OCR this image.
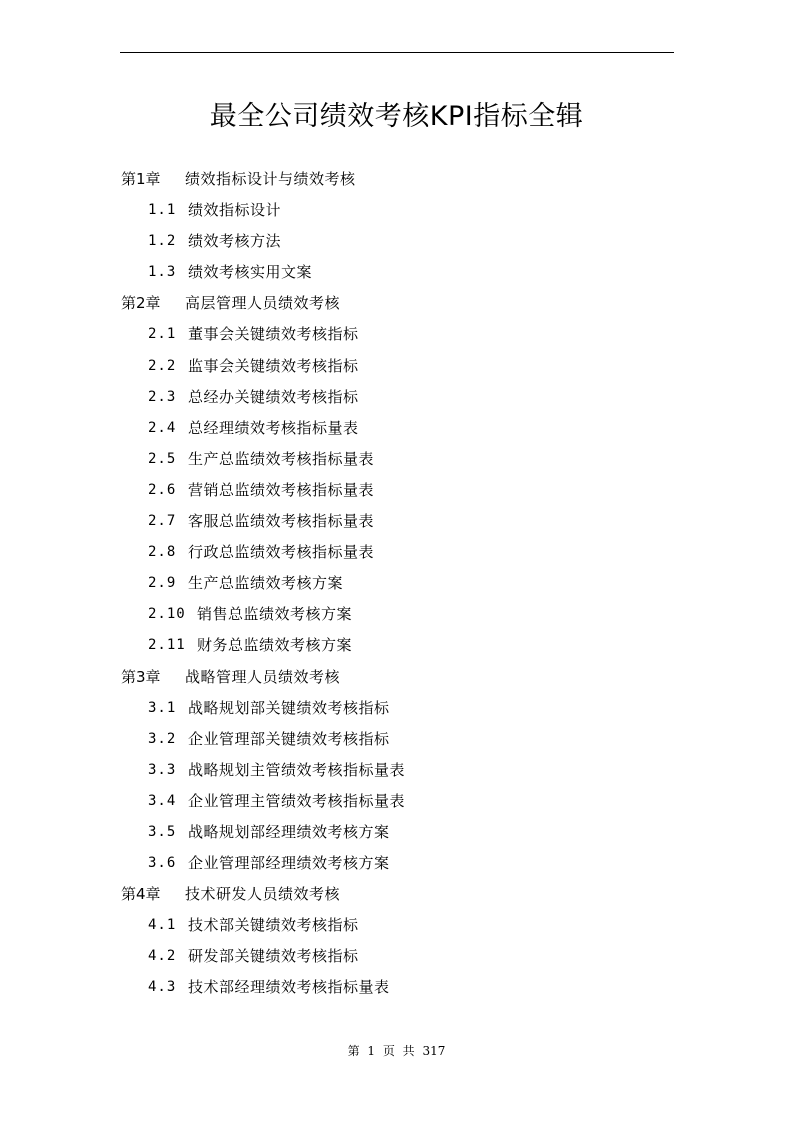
最全公司绩效考核KPI指标全辑
第1章	绩效指标设计与绩效考核
1.1 绩效指标设计
1.2 绩效考核方法
1.3 绩效考核实用文案
第2章	高层管理人员绩效考核
2.1 董事会关键绩效考核指标
2.2 监事会关键绩效考核指标
2.3 总经办关键绩效考核指标
2.4 总经理绩效考核指标量表
2.5 生产总监绩效考核指标量表
2.6 营销总监绩效考核指标量表
2.7 客服总监绩效考核指标量表
2.8 行政总监绩效考核指标量表
2.9 生产总监绩效考核方案
2.10 销售总监绩效考核方案
2.11 财务总监绩效考核方案
第3章	战略管理人员绩效考核
3.1 战略规划部关键绩效考核指标
3.2 企业管理部关键绩效考核指标
3.3 战略规划主管绩效考核指标量表
3.4 企业管理主管绩效考核指标量表
3.5 战略规划部经理绩效考核方案
3.6 企业管理部经理绩效考核方案
第4章	技术研发人员绩效考核
4.1 技术部关键绩效考核指标
4.2 研发部关键绩效考核指标
4.3 技术部经理绩效考核指标量表
第 1 页 共 317
